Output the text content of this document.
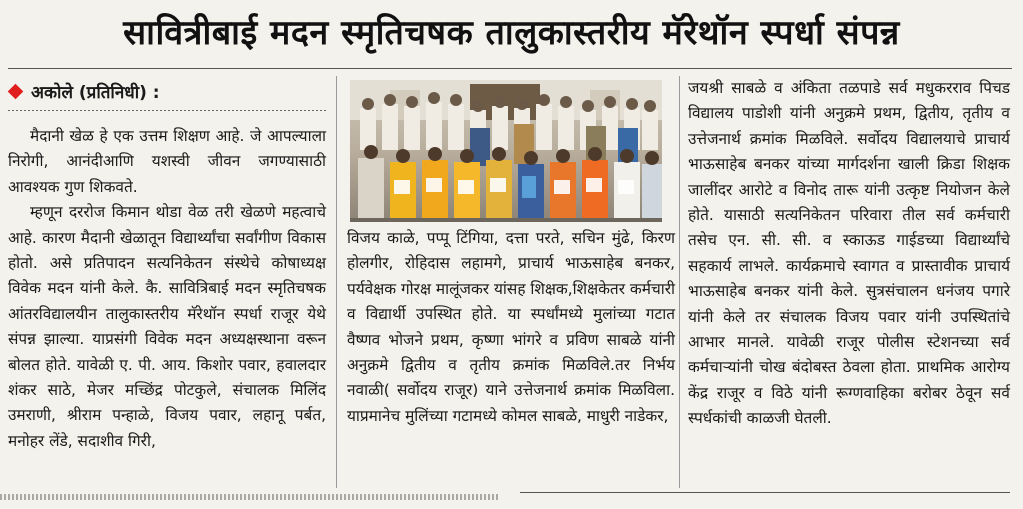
सावित्रीबाई मदन स्मृतिचषक तालुकास्तरीय मॅरेथॉन स्पर्धा संपन्न
अकोले (प्रतिनिधी) :

मैदानी खेळ हे एक उत्तम शिक्षण आहे. जे आपल्याला निरोगी, आनंदीआणि यशस्वी जीवन जगण्यासाठी आवश्यक गुण शिकवते.

म्हणून दररोज किमान थोडा वेळ तरी खेळणे महत्वाचे आहे. कारण मैदानी खेळातून विद्यार्थ्यांचा सर्वांगीण विकास होतो. असे प्रतिपादन सत्यनिकेतन संस्थेचे कोषाध्यक्ष विवेक मदन यांनी केले. कै. सावित्रिबाई मदन स्मृतिचषक आंतरविद्यालयीन तालुकास्तरीय मॅरेथॉन स्पर्धा राजूर येथे संपन्न झाल्या. याप्रसंगी विवेक मदन अध्यक्षस्थाना वरून बोलत होते. यावेळी ए. पी. आय. किशोर पवार, हवालदार शंकर साठे, मेजर मच्छिंद्र पोटकुले, संचालक मिलिंद उमराणी, श्रीराम पन्हाळे, विजय पवार, लहानू पर्बत, मनोहर लेंडे, सदाशीव गिरी,

विजय काळे, पप्पू टिंगिया, दत्ता परते, सचिन मुंढे, किरण होलगीर, रोहिदास लहामगे, प्राचार्य भाऊसाहेब बनकर, पर्यवेक्षक गोरक्ष मालूंजकर यांसह शिक्षक,शिक्षकेतर कर्मचारी व विद्यार्थी उपस्थित होते. या स्पर्धांमध्ये मुलांच्या गटात वैष्णव भोजने प्रथम, कृष्णा भांगरे व प्रविण साबळे यांनी अनुक्रमे द्वितीय व तृतीय क्रमांक मिळविले.तर निर्भय नवाळी( सर्वोदय राजूर) याने उत्तेजनार्थ क्रमांक मिळविला. याप्रमानेच मुलिंच्या गटामध्ये कोमल साबळे, माधुरी नाडेकर,

जयश्री साबळे व अंकिता तळपाडे सर्व मधुकरराव पिचड विद्यालय पाडोशी यांनी अनुक्रमे प्रथम, द्वितीय, तृतीय व उत्तेजनार्थ क्रमांक मिळविले. सर्वोदय विद्यालयाचे प्राचार्य भाऊसाहेब बनकर यांच्या मार्गदर्शना खाली क्रिडा शिक्षक जालींदर आरोटे व विनोद तारू यांनी उत्कृष्ट नियोजन केले होते. यासाठी सत्यनिकेतन परिवारा तील सर्व कर्मचारी तसेच एन. सी. सी. व स्काऊड गाईडच्या विद्यार्थ्यांचे सहकार्य लाभले. कार्यक्रमाचे स्वागत व प्रास्तावीक प्राचार्य भाऊसाहेब बनकर यांनी केले. सुत्रसंचालन धनंजय पगारे यांनी केले तर संचालक विजय पवार यांनी उपस्थितांचे आभार मानले. यावेळी राजूर पोलीस स्टेशनच्या सर्व कर्मचाऱ्यांनी चोख बंदोबस्त ठेवला होता. प्राथमिक आरोग्य केंद्र राजूर व विठे यांनी रूग्णवाहिका बरोबर ठेवून सर्व स्पर्धकांची काळजी घेतली.
